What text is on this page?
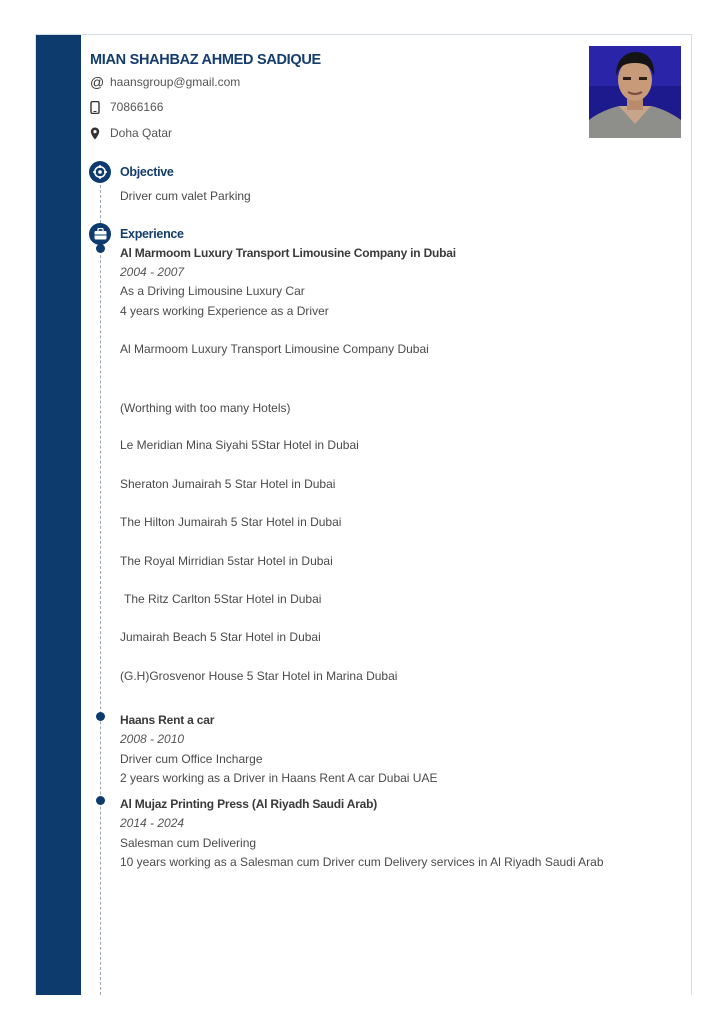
MIAN SHAHBAZ AHMED SADIQUE
@ haansgroup@gmail.com
70866166
Doha Qatar
Objective
Driver cum valet Parking
Experience
Al Marmoom Luxury Transport Limousine Company in Dubai
2004 - 2007
As a Driving Limousine Luxury Car
4 years working Experience as a Driver
Al Marmoom Luxury Transport Limousine Company Dubai
(Worthing with too many Hotels)
Le Meridian Mina Siyahi 5Star Hotel in Dubai
Sheraton Jumairah 5 Star Hotel in Dubai
The Hilton Jumairah 5 Star Hotel in Dubai
The Royal Mirridian 5star Hotel in Dubai
The Ritz Carlton 5Star Hotel in Dubai
Jumairah Beach 5 Star Hotel in Dubai
(G.H)Grosvenor House 5 Star Hotel in Marina Dubai
Haans Rent a car
2008 - 2010
Driver cum Office Incharge
2 years working as a Driver in Haans Rent A car Dubai UAE
Al Mujaz Printing Press (Al Riyadh Saudi Arab)
2014 - 2024
Salesman cum Delivering
10 years working as a Salesman cum Driver cum Delivery services in Al Riyadh Saudi Arab
